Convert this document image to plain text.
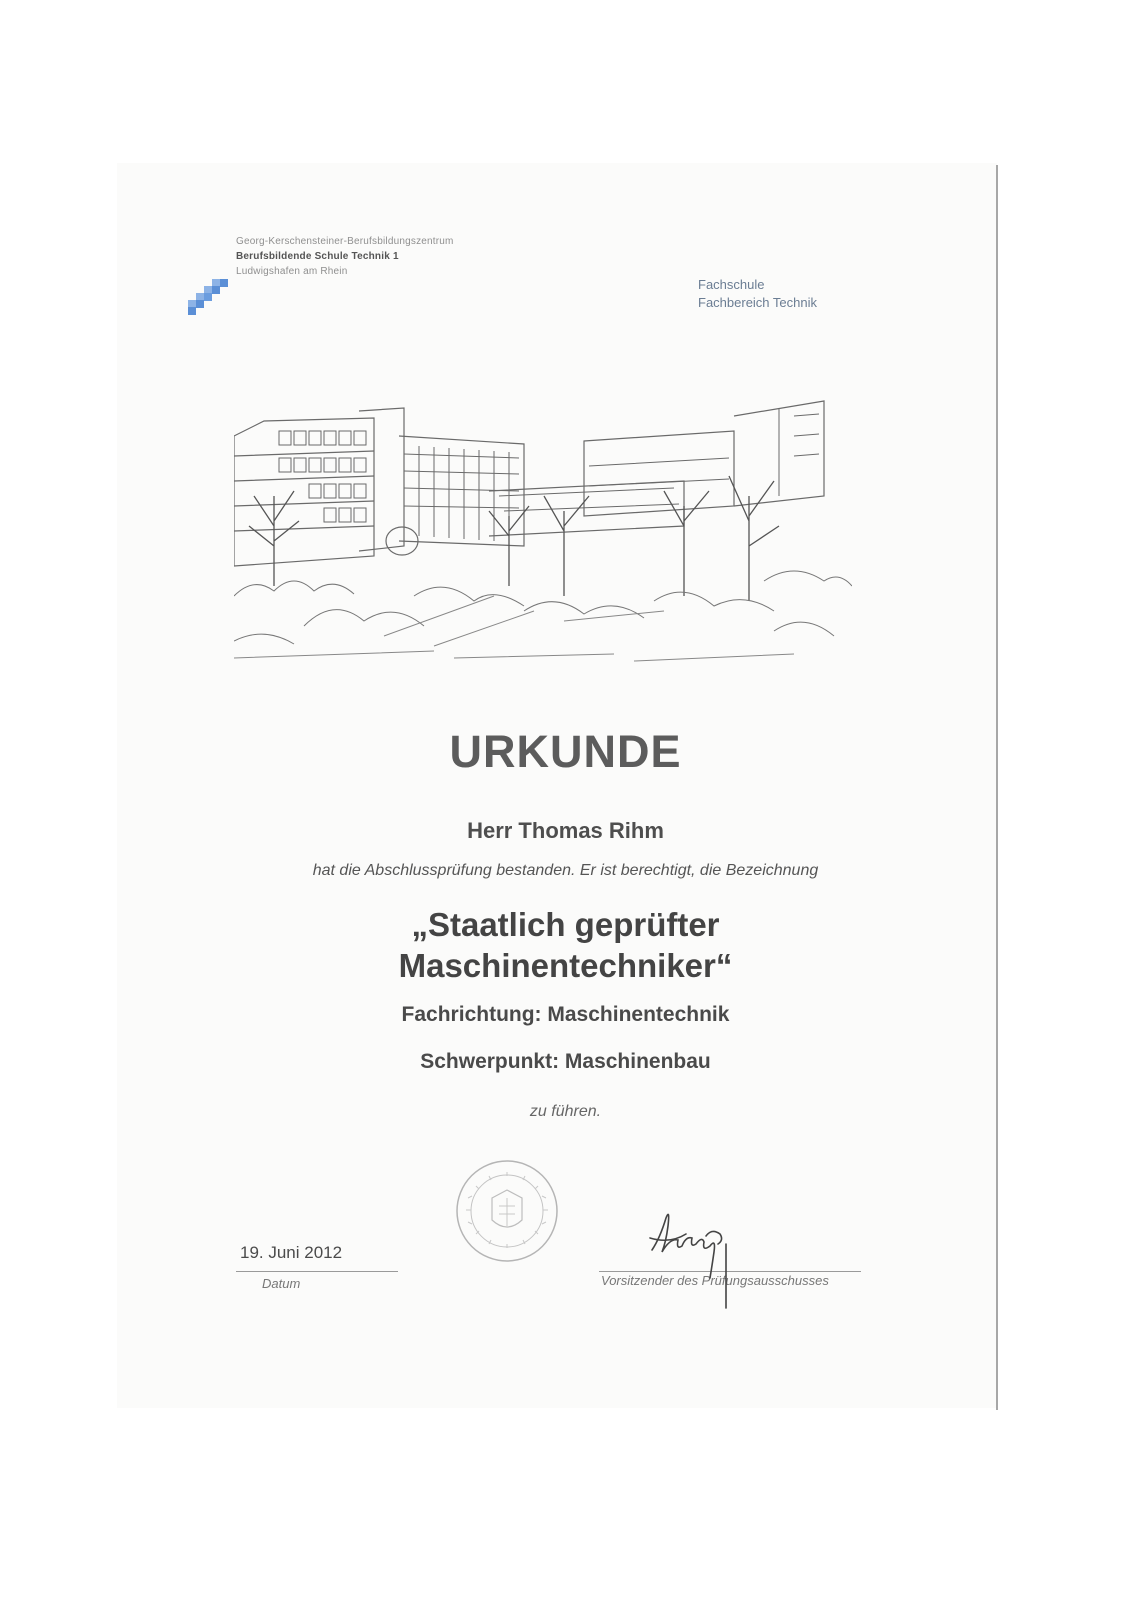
Georg-Kerschensteiner-Berufsbildungszentrum
Berufsbildende Schule Technik 1
Ludwigshafen am Rhein
Fachschule
Fachbereich Technik
URKUNDE
Herr Thomas Rihm
hat die Abschlussprüfung bestanden. Er ist berechtigt, die Bezeichnung
„Staatlich geprüfter
Maschinentechniker“
Fachrichtung: Maschinentechnik
Schwerpunkt: Maschinenbau
zu führen.
19. Juni 2012
Datum	Vorsitzender des Prüfungsausschusses
